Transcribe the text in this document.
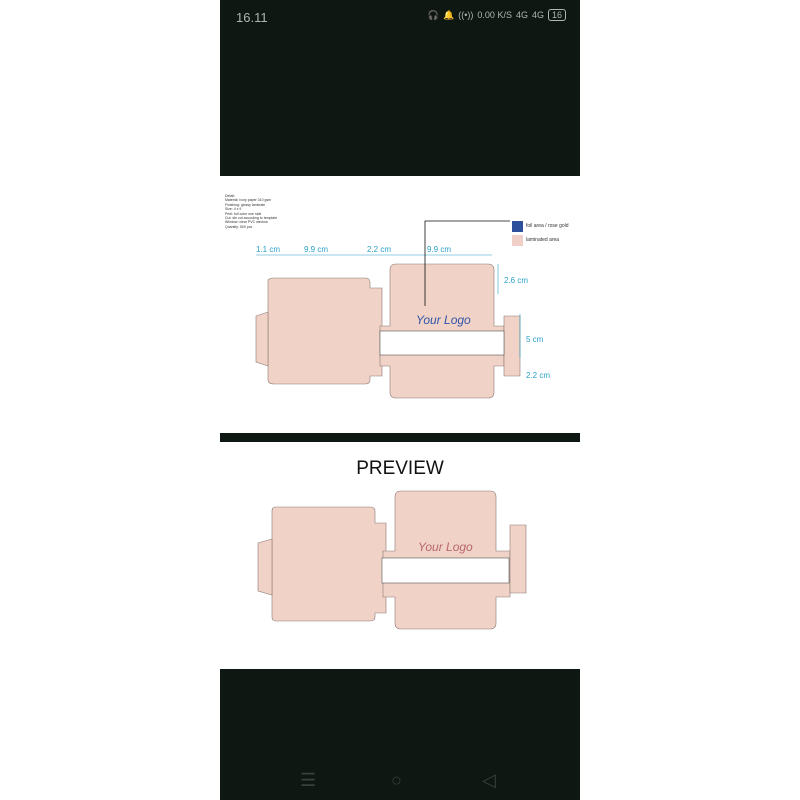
16.11	🎧 🔔 ((•)) 0.00 K/S 4G 4G 16
Detail:
Material: ivory paper 310 gsm
Finishing: glossy laminate
Size: 4 x 9
Print: full color one side
Cut: die cut according to template
Window: clear PVC window
Quantity: 500 pcs	foil area / rose gold
laminated area
1.1 cm	9.9 cm	2.2 cm	9.9 cm
Your Logo
2.6 cm
5 cm
2.2 cm
PREVIEW
Your Logo
☰	○	◁
